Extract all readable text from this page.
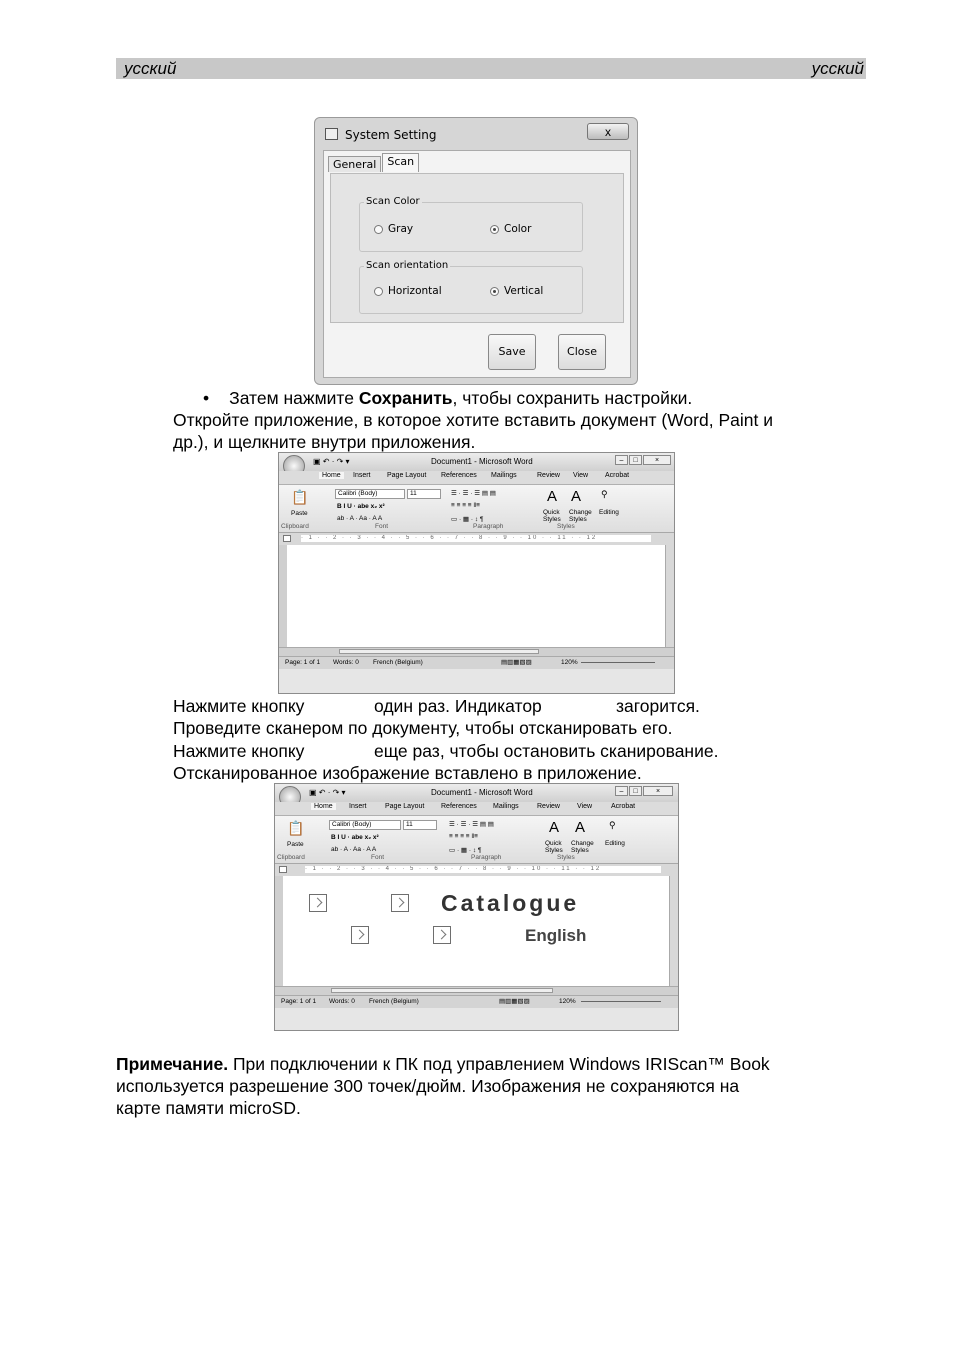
усский	усский
System Setting	x
General	Scan
Scan Color
Gray	Color
Scan orientation
Horizontal	Vertical
Save	Close
• Затем нажмите Сохранить, чтобы сохранить настройки.
Откройте приложение, в которое хотите вставить документ (Word, Paint и
др.), и щелкните внутри приложения.
▣ ↶ · ↷ ▾	Document1 - Microsoft Word	–	□	×
Home	Insert Page Layout References Mailings	Review View Acrobat
📋
Paste
Calibri (Body)	11
B I U · abe x₂ x²
ab · A · Aa · A A
☰ · ☰ · ☰ ▤ ▤
≡ ≡ ≡ ≡ ‖≡
▭ · ▦ · ↕ ¶
A A
Quick Styles
Change Styles
⚲
Editing
Clipboard	Font	Paragraph	Styles
· 1 · · 2 · · 3 · · 4 · · 5 · · 6 · · 7 · · 8 · · 9 · · 10 · · 11 · · 12
Page: 1 of 1 Words: 0 French (Belgium)	▤▥▦▧▨	120%
Нажмите кнопку	один раз. Индикатор	загорится.
Проведите сканером по документу, чтобы отсканировать его.
Нажмите кнопку	еще раз, чтобы остановить сканирование.
Отсканированное изображение вставлено в приложение.
▣ ↶ · ↷ ▾	Document1 - Microsoft Word	–	□	×
Home	Insert	Page Layout References Mailings	Review View	Acrobat
📋
Paste
Calibri (Body)	11
B I U · abe x₂ x²
ab · A · Aa · A A
☰ · ☰ · ☰ ▤ ▤
≡ ≡ ≡ ≡ ‖≡
▭ · ▦ · ↕ ¶
A A
Quick Styles
Change Styles
⚲
Editing
Clipboard	Font	Paragraph	Styles
· 1 · · 2 · · 3 · · 4 · · 5 · · 6 · · 7 · · 8 · · 9 · · 10 · · 11 · · 12
Catalogue
English
Page: 1 of 1 Words: 0 French (Belgium)	▤▥▦▧▨	120%
Примечание. При подключении к ПК под управлением Windows IRIScan™ Book
используется разрешение 300 точек/дюйм. Изображения не сохраняются на
карте памяти microSD.
